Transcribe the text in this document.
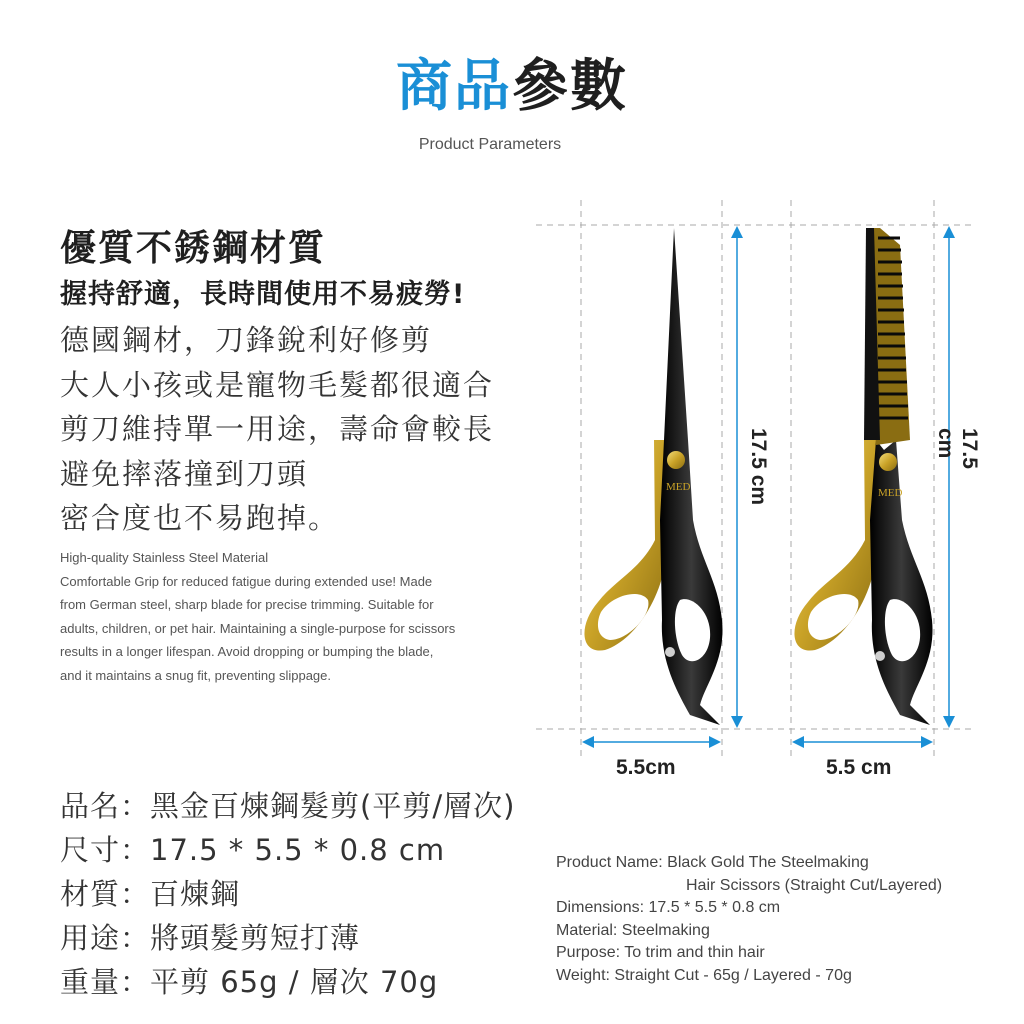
商品參數
Product Parameters
優質不銹鋼材質
握持舒適，長時間使用不易疲勞!
德國鋼材，刀鋒銳利好修剪
大人小孩或是寵物毛髮都很適合
剪刀維持單一用途，壽命會較長
避免摔落撞到刀頭
密合度也不易跑掉。
High-quality Stainless Steel Material
Comfortable Grip for reduced fatigue during extended use! Made
from German steel, sharp blade for precise trimming. Suitable for
adults, children, or pet hair. Maintaining a single-purpose for scissors
results in a longer lifespan. Avoid dropping or bumping the blade,
and it maintains a snug fit, preventing slippage.
MED	MED
17.5 cm	17.5 cm
5.5cm	5.5 cm
品名：黑金百煉鋼髮剪(平剪/層次)
尺寸：17.5 * 5.5 * 0.8 cm
材質：百煉鋼
用途：將頭髮剪短打薄
重量：平剪 65g / 層次 70g
Product Name: Black Gold The Steelmaking
Hair Scissors (Straight Cut/Layered)
Dimensions: 17.5 * 5.5 * 0.8 cm
Material: Steelmaking
Purpose: To trim and thin hair
Weight: Straight Cut - 65g / Layered - 70g
